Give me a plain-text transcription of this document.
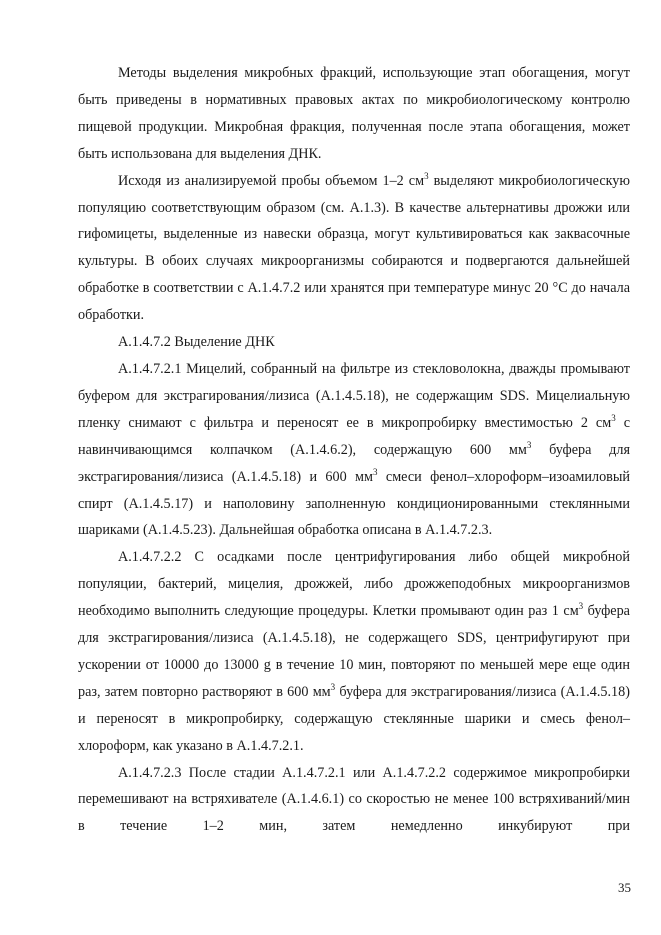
Методы выделения микробных фракций, использующие этап обогащения, могут быть приведены в нормативных правовых актах по микробиологическому контролю пищевой продукции. Микробная фракция, полученная после этапа обогащения, может быть использована для выделения ДНК.

Исходя из анализируемой пробы объемом 1–2 $см^3$ выделяют микробиологическую популяцию соответствующим образом (см. А.1.3). В качестве альтернативы дрожжи или гифомицеты, выделенные из навески образца, могут культивироваться как заквасочные культуры. В обоих случаях микроорганизмы собираются и подвергаются дальнейшей обработке в соответствии с А.1.4.7.2 или хранятся при температуре минус 20 °С до начала обработки.

А.1.4.7.2 Выделение ДНК

А.1.4.7.2.1 Мицелий, собранный на фильтре из стекловолокна, дважды промывают буфером для экстрагирования/лизиса (А.1.4.5.18), не содержащим SDS. Мицелиальную пленку снимают с фильтра и переносят ее в микропробирку вместимостью 2 $см^3$ с навинчивающимся колпачком (А.1.4.6.2), содержащую 600 $мм^3$ буфера для экстрагирования/лизиса (А.1.4.5.18) и 600 $мм^3$ смеси фенол–хлороформ–изоамиловый спирт (А.1.4.5.17) и наполовину заполненную кондиционированными стеклянными шариками (А.1.4.5.23). Дальнейшая обработка описана в А.1.4.7.2.3.

А.1.4.7.2.2 С осадками после центрифугирования либо общей микробной популяции, бактерий, мицелия, дрожжей, либо дрожжеподобных микроорганизмов необходимо выполнить следующие процедуры. Клетки промывают один раз 1 $см^3$ буфера для экстрагирования/лизиса (А.1.4.5.18), не содержащего SDS, центрифугируют при ускорении от 10000 до 13000 g в течение 10 мин, повторяют по меньшей мере еще один раз, затем повторно растворяют в 600 $мм^3$ буфера для экстрагирования/лизиса (А.1.4.5.18) и переносят в микропробирку, содержащую стеклянные шарики и смесь фенол–хлороформ, как указано в А.1.4.7.2.1.

А.1.4.7.2.3 После стадии А.1.4.7.2.1 или А.1.4.7.2.2 содержимое микропробирки перемешивают на встряхивателе (А.1.4.6.1) со скоростью не менее 100 встряхиваний/мин в течение 1–2 мин, затем немедленно инкубируют при

35
